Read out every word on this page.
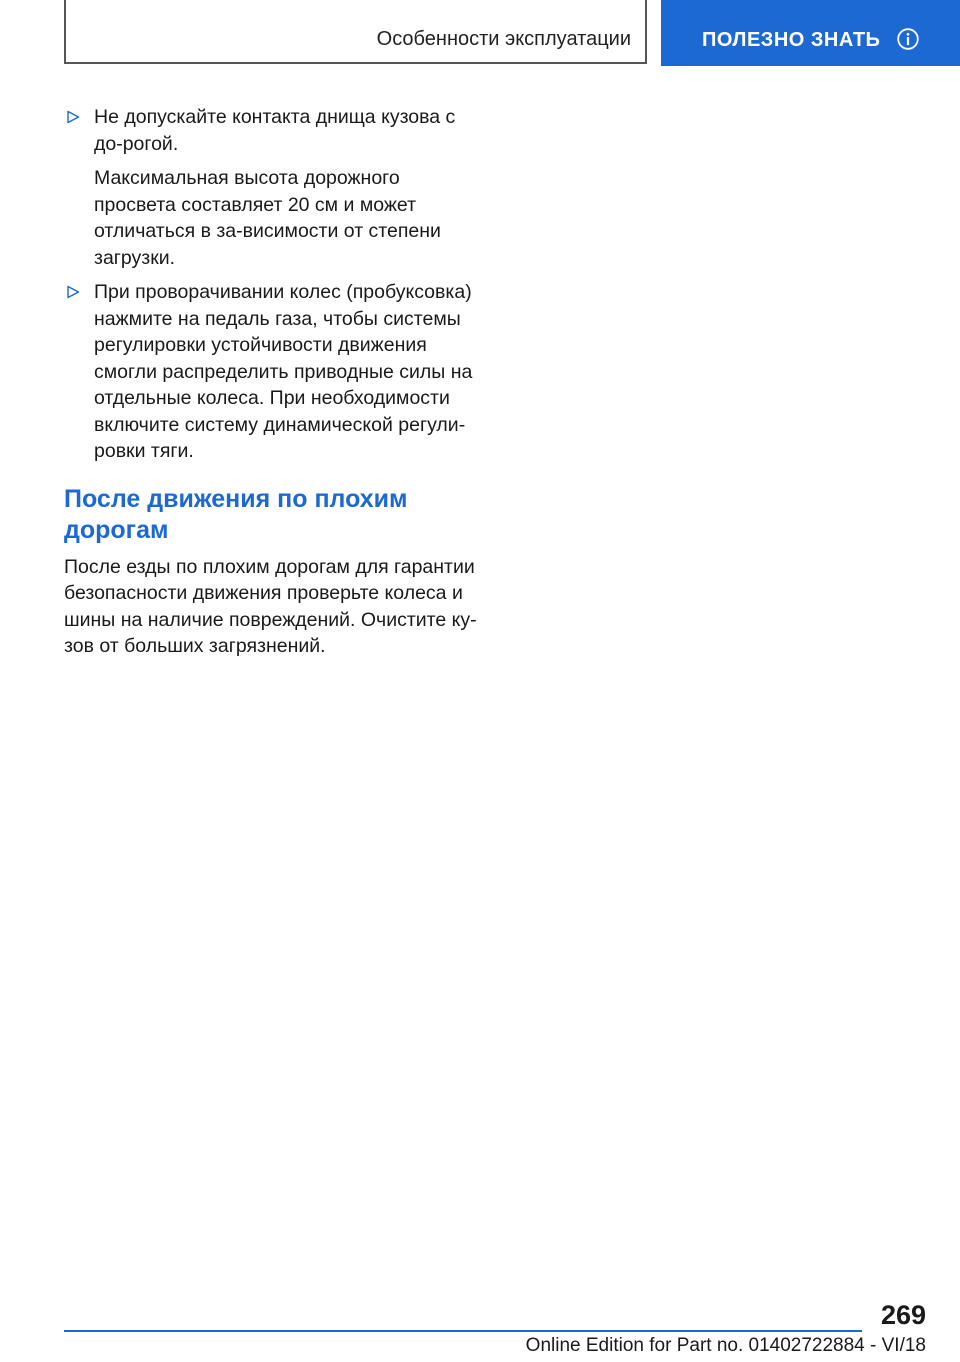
Особенности эксплуатации	ПОЛЕЗНО ЗНАТЬ

Не допускайте контакта днища кузова с до-рогой.

Максимальная высота дорожного просвета составляет 20 см и может отличаться в за-висимости от степени загрузки.

При проворачивании колес (пробуксовка) нажмите на педаль газа, чтобы системы регулировки устойчивости движения смогли распределить приводные силы на отдельные колеса. При необходимости включите систему динамической регули-ровки тяги.

После движения по плохим дорогам

После езды по плохим дорогам для гарантии безопасности движения проверьте колеса и шины на наличие повреждений. Очистите ку-зов от больших загрязнений.

269
Online Edition for Part no. 01402722884 - VI/18
